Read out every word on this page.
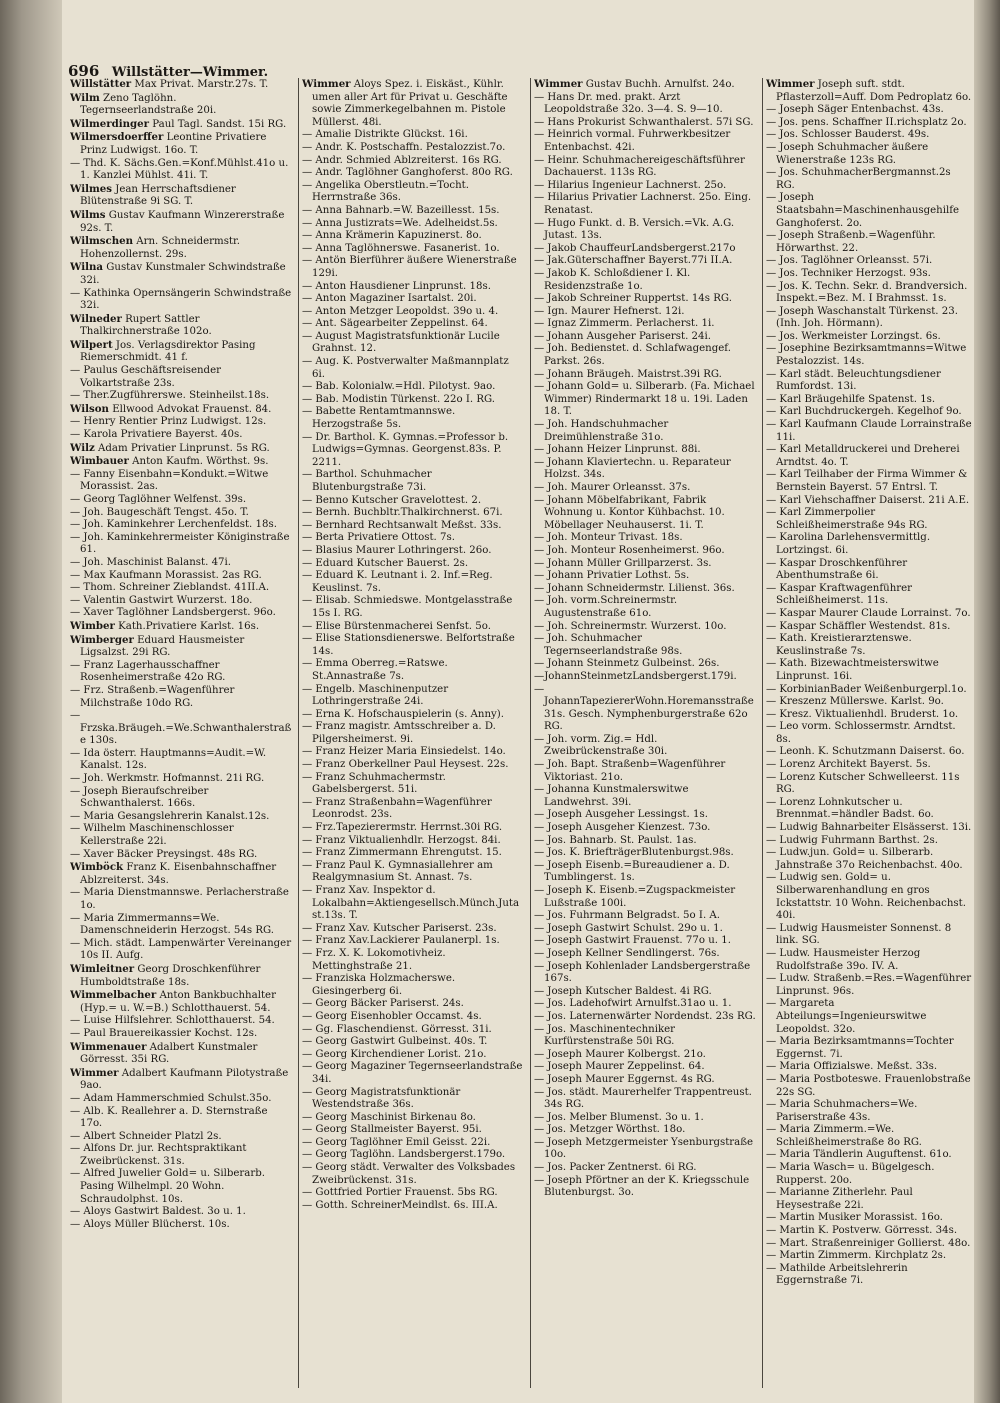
696 Willstätter—Wimmer.
Willstätter Max Privat. Marstr.27s. T.
Wilm Zeno Taglöhn. Tegernseerlandstraße 20i.
Wilmerdinger Paul Tagl. Sandst. 15i RG.
Wilmersdoerffer Leontine Privatiere Prinz Ludwigst. 16o. T.
— Thd. K. Sächs.Gen.=Konf.Mühlst.41o u. 1. Kanzlei Mühlst. 41i. T.
Wilmes Jean Herrschaftsdiener Blütenstraße 9i SG. T.
Wilms Gustav Kaufmann Winzererstraße 92s. T.
Wilmschen Arn. Schneidermstr. Hohenzollernst. 29s.
Wilna Gustav Kunstmaler Schwindstraße 32i.
— Kathinka Opernsängerin Schwindstraße 32i.
Wilneder Rupert Sattler Thalkirchnerstraße 102o.
Wilpert Jos. Verlagsdirektor Pasing Riemerschmidt. 41 f.
— Paulus Geschäftsreisender Volkartstraße 23s.
— Ther.Zugführerswe. Steinheilst.18s.
Wilson Ellwood Advokat Frauenst. 84.
— Henry Rentier Prinz Ludwigst. 12s.
— Karola Privatiere Bayerst. 40s.
Wilz Adam Privatier Linprunst. 5s RG.
Wimbauer Anton Kaufm. Wörthst. 9s.
— Fanny Eisenbahn=Kondukt.=Witwe Morassist. 2as.
— Georg Taglöhner Welfenst. 39s.
— Joh. Baugeschäft Tengst. 45o. T.
— Joh. Kaminkehrer Lerchenfeldst. 18s.
— Joh. Kaminkehrermeister Königinstraße 61.
— Joh. Maschinist Balanst. 47i.
— Max Kaufmann Morassist. 2as RG.
— Thom. Schreiner Zieblandst. 41II.A.
— Valentin Gastwirt Wurzerst. 18o.
— Xaver Taglöhner Landsbergerst. 96o.
Wimber Kath.Privatiere Karlst. 16s.
Wimberger Eduard Hausmeister Ligsalzst. 29i RG.
— Franz Lagerhausschaffner Rosenheimerstraße 42o RG.
— Frz. Straßenb.=Wagenführer Milchstraße 10do RG.
— Frzska.Bräugeh.=We.Schwanthalerstraße 130s.
— Ida österr. Hauptmanns=Audit.=W. Kanalst. 12s.
— Joh. Werkmstr. Hofmannst. 21i RG.
— Joseph Bieraufschreiber Schwanthalerst. 166s.
— Maria Gesangslehrerin Kanalst.12s.
— Wilhelm Maschinenschlosser Kellerstraße 22i.
— Xaver Bäcker Preysingst. 48s RG.
Wimböck Franz K. Eisenbahnschaffner Ablzreiterst. 34s.
— Maria Dienstmannswe. Perlacherstraße 1o.
— Maria Zimmermanns=We. Damenschneiderin Herzogst. 54s RG.
— Mich. städt. Lampenwärter Vereinanger 10s II. Aufg.
Wimleitner Georg Droschkenführer Humboldtstraße 18s.
Wimmelbacher Anton Bankbuchhalter (Hyp.= u. W.=B.) Schlotthauerst. 54.
— Luise Hilfslehrer. Schlotthauerst. 54.
— Paul Brauereikassier Kochst. 12s.
Wimmenauer Adalbert Kunstmaler Görresst. 35i RG.
Wimmer Adalbert Kaufmann Pilotystraße 9ao.
— Adam Hammerschmied Schulst.35o.
— Alb. K. Reallehrer a. D. Sternstraße 17o.
— Albert Schneider Platzl 2s.
— Alfons Dr. jur. Rechtspraktikant Zweibrückenst. 31s.
— Alfred Juwelier Gold= u. Silberarb. Pasing Wilhelmpl. 20 Wohn. Schraudolphst. 10s.
— Aloys Gastwirt Baldest. 3o u. 1.
— Aloys Müller Blücherst. 10s.
Wimmer Aloys Spez. i. Eiskäst., Kühlr. umen aller Art für Privat u. Geschäfte sowie Zimmerkegelbahnen m. Pistole Müllerst. 48i.
— Amalie Distrikte Glückst. 16i.
— Andr. K. Postschaffn. Pestalozzist.7o.
— Andr. Schmied Ablzreiterst. 16s RG.
— Andr. Taglöhner Ganghoferst. 80o RG.
— Angelika Oberstleutn.=Tocht. Herrnstraße 36s.
— Anna Bahnarb.=W. Bazeillesst. 15s.
— Anna Justizrats=We. Adelheidst.5s.
— Anna Krämerin Kapuzinerst. 8o.
— Anna Taglöhnerswe. Fasanerist. 1o.
— Antön Bierführer äußere Wienerstraße 129i.
— Anton Hausdiener Linprunst. 18s.
— Anton Magaziner Isartalst. 20i.
— Anton Metzger Leopoldst. 39o u. 4.
— Ant. Sägearbeiter Zeppelinst. 64.
— August Magistratsfunktionär Lucile Grahnst. 12.
— Aug. K. Postverwalter Maßmannplatz 6i.
— Bab. Kolonialw.=Hdl. Pilotyst. 9ao.
— Bab. Modistin Türkenst. 22o I. RG.
— Babette Rentamtmannswe. Herzogstraße 5s.
— Dr. Barthol. K. Gymnas.=Professor b. Ludwigs=Gymnas. Georgenst.83s. P. 2211.
— Barthol. Schuhmacher Blutenburgstraße 73i.
— Benno Kutscher Gravelottest. 2.
— Bernh. Buchbltr.Thalkirchnerst. 67i.
— Bernhard Rechtsanwalt Meßst. 33s.
— Berta Privatiere Ottost. 7s.
— Blasius Maurer Lothringerst. 26o.
— Eduard Kutscher Bauerst. 2s.
— Eduard K. Leutnant i. 2. Inf.=Reg. Keuslinst. 7s.
— Elisab. Schmiedswe. Montgelasstraße 15s I. RG.
— Elise Bürstenmacherei Senfst. 5o.
— Elise Stationsdienerswe. Belfortstraße 14s.
— Emma Oberreg.=Ratswe. St.Annastraße 7s.
— Engelb. Maschinenputzer Lothringerstraße 24i.
— Erna K. Hofschauspielerin (s. Anny).
— Franz magistr. Amtsschreiber a. D. Pilgersheimerst. 9i.
— Franz Heizer Maria Einsiedelst. 14o.
— Franz Oberkellner Paul Heysest. 22s.
— Franz Schuhmachermstr. Gabelsbergerst. 51i.
— Franz Straßenbahn=Wagenführer Leonrodst. 23s.
— Frz.Tapezierermstr. Herrnst.30i RG.
— Franz Viktualienhdlr. Herzogst. 84i.
— Franz Zimmermann Ehrengutst. 15.
— Franz Paul K. Gymnasiallehrer am Realgymnasium St. Annast. 7s.
— Franz Xav. Inspektor d. Lokalbahn=Aktiengesellsch.Münch.Jutast.13s. T.
— Franz Xav. Kutscher Pariserst. 23s.
— Franz Xav.Lackierer Paulanerpl. 1s.
— Frz. X. K. Lokomotivheiz. Mettinghstraße 21.
— Franziska Holzmacherswe. Giesingerberg 6i.
— Georg Bäcker Pariserst. 24s.
— Georg Eisenhobler Occamst. 4s.
— Gg. Flaschendienst. Görresst. 31i.
— Georg Gastwirt Gulbeinst. 40s. T.
— Georg Kirchendiener Lorist. 21o.
— Georg Magaziner Tegernseerlandstraße 34i.
— Georg Magistratsfunktionär Westendstraße 36s.
— Georg Maschinist Birkenau 8o.
— Georg Stallmeister Bayerst. 95i.
— Georg Taglöhner Emil Geisst. 22i.
— Georg Taglöhn. Landsbergerst.179o.
— Georg städt. Verwalter des Volksbades Zweibrückenst. 31s.
— Gottfried Portier Frauenst. 5bs RG.
— Gotth. SchreinerMeindlst. 6s. III.A.
Wimmer Gustav Buchh. Arnulfst. 24o.
— Hans Dr. med. prakt. Arzt Leopoldstraße 32o. 3—4. S. 9—10.
— Hans Prokurist Schwanthalerst. 57i SG.
— Heinrich vormal. Fuhrwerkbesitzer Entenbachst. 42i.
— Heinr. Schuhmachereigeschäftsführer Dachauerst. 113s RG.
— Hilarius Ingenieur Lachnerst. 25o.
— Hilarius Privatier Lachnerst. 25o. Eing. Renatast.
— Hugo Funkt. d. B. Versich.=Vk. A.G. Jutast. 13s.
— Jakob ChauffeurLandsbergerst.217o
— Jak.Güterschaffner Bayerst.77i II.A.
— Jakob K. Schloßdiener I. Kl. Residenzstraße 1o.
— Jakob Schreiner Ruppertst. 14s RG.
— Ign. Maurer Hefnerst. 12i.
— Ignaz Zimmerm. Perlacherst. 1i.
— Johann Ausgeher Pariserst. 24i.
— Joh. Bedienstet. d. Schlafwagengef. Parkst. 26s.
— Johann Bräugeh. Maistrst.39i RG.
— Johann Gold= u. Silberarb. (Fa. Michael Wimmer) Rindermarkt 18 u. 19i. Laden 18. T.
— Joh. Handschuhmacher Dreimühlenstraße 31o.
— Johann Heizer Linprunst. 88i.
— Johann Klaviertechn. u. Reparateur Holzst. 34s.
— Joh. Maurer Orleansst. 37s.
— Johann Möbelfabrikant, Fabrik Wohnung u. Kontor Kühbachst. 10. Möbellager Neuhauserst. 1i. T.
— Joh. Monteur Trivast. 18s.
— Joh. Monteur Rosenheimerst. 96o.
— Johann Müller Grillparzerst. 3s.
— Johann Privatier Lothst. 5s.
— Johann Schneidermstr. Lilienst. 36s.
— Joh. vorm.Schreinermstr. Augustenstraße 61o.
— Joh. Schreinermstr. Wurzerst. 10o.
— Joh. Schuhmacher Tegernseerlandstraße 98s.
— Johann Steinmetz Gulbeinst. 26s.
—JohannSteinmetzLandsbergerst.179i.
— JohannTapeziererWohn.Horemansstraße 31s. Gesch. Nymphenburgerstraße 62o RG.
— Joh. vorm. Zig.= Hdl. Zweibrückenstraße 30i.
— Joh. Bapt. Straßenb=Wagenführer Viktoriast. 21o.
— Johanna Kunstmalerswitwe Landwehrst. 39i.
— Joseph Ausgeher Lessingst. 1s.
— Joseph Ausgeher Kienzest. 73o.
— Jos. Bahnarb. St. Paulst. 1as.
— Jos. K. BriefträgerBlutenburgst.98s.
— Joseph Eisenb.=Bureaudiener a. D. Tumblingerst. 1s.
— Joseph K. Eisenb.=Zugspackmeister Lußstraße 100i.
— Jos. Fuhrmann Belgradst. 5o I. A.
— Joseph Gastwirt Schulst. 29o u. 1.
— Joseph Gastwirt Frauenst. 77o u. 1.
— Joseph Kellner Sendlingerst. 76s.
— Joseph Kohlenlader Landsbergerstraße 167s.
— Joseph Kutscher Baldest. 4i RG.
— Jos. Ladehofwirt Arnulfst.31ao u. 1.
— Jos. Laternenwärter Nordendst. 23s RG.
— Jos. Maschinentechniker Kurfürstenstraße 50i RG.
— Joseph Maurer Kolbergst. 21o.
— Joseph Maurer Zeppelinst. 64.
— Joseph Maurer Eggernst. 4s RG.
— Jos. städt. Maurerhelfer Trappentreust. 34s RG.
— Jos. Melber Blumenst. 3o u. 1.
— Jos. Metzger Wörthst. 18o.
— Joseph Metzgermeister Ysenburgstraße 10o.
— Jos. Packer Zentnerst. 6i RG.
— Joseph Pförtner an der K. Kriegsschule Blutenburgst. 3o.
Wimmer Joseph suft. stdt. Pflasterzoll=Auff. Dom Pedroplatz 6o.
— Joseph Säger Entenbachst. 43s.
— Jos. pens. Schaffner II.richsplatz 2o.
— Jos. Schlosser Bauderst. 49s.
— Joseph Schuhmacher äußere Wienerstraße 123s RG.
— Jos. SchuhmacherBergmannst.2s RG.
— Joseph Staatsbahn=Maschinenhausgehilfe Ganghoferst. 2o.
— Joseph Straßenb.=Wagenführ. Hörwarthst. 22.
— Jos. Taglöhner Orleansst. 57i.
— Jos. Techniker Herzogst. 93s.
— Jos. K. Techn. Sekr. d. Brandversich. Inspekt.=Bez. M. I Brahmsst. 1s.
— Joseph Waschanstalt Türkenst. 23. (Inh. Joh. Hörmann).
— Jos. Werkmeister Lorzingst. 6s.
— Josephine Bezirksamtmanns=Witwe Pestalozzist. 14s.
— Karl städt. Beleuchtungsdiener Rumfordst. 13i.
— Karl Bräugehilfe Spatenst. 1s.
— Karl Buchdruckergeh. Kegelhof 9o.
— Karl Kaufmann Claude Lorrainstraße 11i.
— Karl Metalldruckerei und Dreherei Arndtst. 4o. T.
— Karl Teilhaber der Firma Wimmer & Bernstein Bayerst. 57 Entrsl. T.
— Karl Viehschaffner Daiserst. 21i A.E.
— Karl Zimmerpolier Schleißheimerstraße 94s RG.
— Karolina Darlehensvermittlg. Lortzingst. 6i.
— Kaspar Droschkenführer Abenthumstraße 6i.
— Kaspar Kraftwagenführer Schleißheimerst. 11s.
— Kaspar Maurer Claude Lorrainst. 7o.
— Kaspar Schäffler Westendst. 81s.
— Kath. Kreistierarztenswe. Keuslinstraße 7s.
— Kath. Bizewachtmeisterswitwe Linprunst. 16i.
— KorbinianBader Weißenburgerpl.1o.
— Kreszenz Müllerswe. Karlst. 9o.
— Kresz. Viktualienhdl. Bruderst. 1o.
— Leo vorm. Schlossermstr. Arndtst. 8s.
— Leonh. K. Schutzmann Daiserst. 6o.
— Lorenz Architekt Bayerst. 5s.
— Lorenz Kutscher Schwelleerst. 11s RG.
— Lorenz Lohnkutscher u. Brennmat.=händler Badst. 6o.
— Ludwig Bahnarbeiter Elsässerst. 13i.
— Ludwig Fuhrmann Barthst. 2s.
— Ludw.jun. Gold= u. Silberarb. Jahnstraße 37o Reichenbachst. 40o.
— Ludwig sen. Gold= u. Silberwarenhandlung en gros Ickstattstr. 10 Wohn. Reichenbachst. 40i.
— Ludwig Hausmeister Sonnenst. 8 link. SG.
— Ludw. Hausmeister Herzog Rudolfstraße 39o. IV. A.
— Ludw. Straßenb.=Res.=Wagenführer Linprunst. 96s.
— Margareta Abteilungs=Ingenieurswitwe Leopoldst. 32o.
— Maria Bezirksamtmanns=Tochter Eggernst. 7i.
— Maria Offizialswe. Meßst. 33s.
— Maria Postboteswe. Frauenlobstraße 22s SG.
— Maria Schuhmachers=We. Pariserstraße 43s.
— Maria Zimmerm.=We. Schleißheimerstraße 8o RG.
— Maria Tändlerin Auguftenst. 61o.
— Maria Wasch= u. Bügelgesch. Rupperst. 20o.
— Marianne Zitherlehr. Paul Heysestraße 22i.
— Martin Musiker Morassist. 16o.
— Martin K. Postverw. Görresst. 34s.
— Mart. Straßenreiniger Gollierst. 48o.
— Martin Zimmerm. Kirchplatz 2s.
— Mathilde Arbeitslehrerin Eggernstraße 7i.
